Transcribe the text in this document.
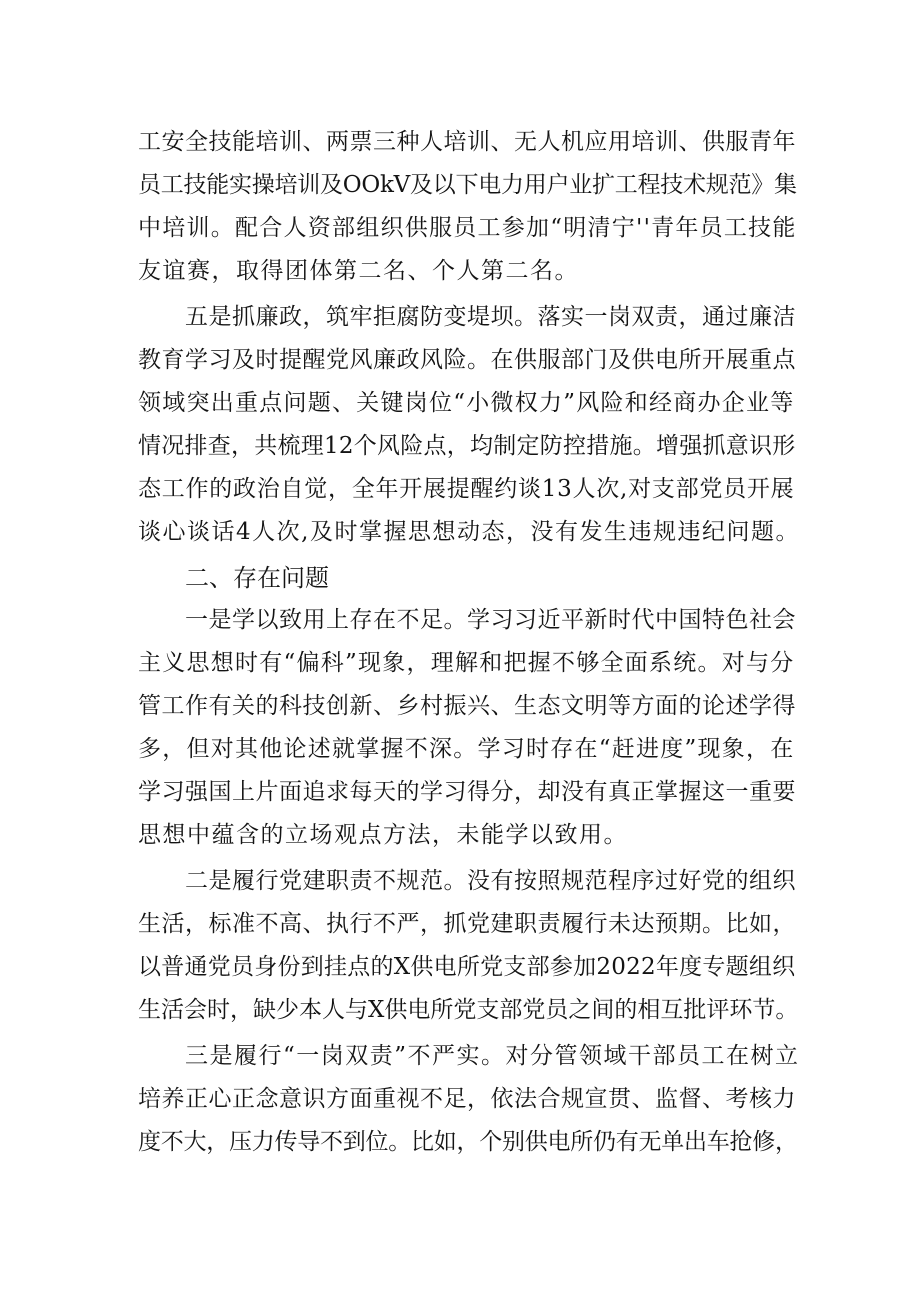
工安全技能培训、两票三种人培训、无人机应用培训、供服青年
员工技能实操培训及OOkV及以下电力用户业扩工程技术规范》集
中培训。配合人资部组织供服员工参加“明清宁''青年员工技能
友谊赛，取得团体第二名、个人第二名。
五是抓廉政，筑牢拒腐防变堤坝。落实一岗双责，通过廉洁
教育学习及时提醒党风廉政风险。在供服部门及供电所开展重点
领域突出重点问题、关键岗位“小微权力”风险和经商办企业等
情况排查，共梳理12个风险点，均制定防控措施。增强抓意识形
态工作的政治自觉，全年开展提醒约谈13人次,对支部党员开展
谈心谈话4人次,及时掌握思想动态，没有发生违规违纪问题。
二、存在问题
一是学以致用上存在不足。学习习近平新时代中国特色社会
主义思想时有“偏科”现象，理解和把握不够全面系统。对与分
管工作有关的科技创新、乡村振兴、生态文明等方面的论述学得
多，但对其他论述就掌握不深。学习时存在“赶进度”现象，在
学习强国上片面追求每天的学习得分，却没有真正掌握这一重要
思想中蕴含的立场观点方法，未能学以致用。
二是履行党建职责不规范。没有按照规范程序过好党的组织
生活，标准不高、执行不严，抓党建职责履行未达预期。比如，
以普通党员身份到挂点的X供电所党支部参加2022年度专题组织
生活会时，缺少本人与X供电所党支部党员之间的相互批评环节。
三是履行“一岗双责”不严实。对分管领域干部员工在树立
培养正心正念意识方面重视不足，依法合规宣贯、监督、考核力
度不大，压力传导不到位。比如，个别供电所仍有无单出车抢修，
